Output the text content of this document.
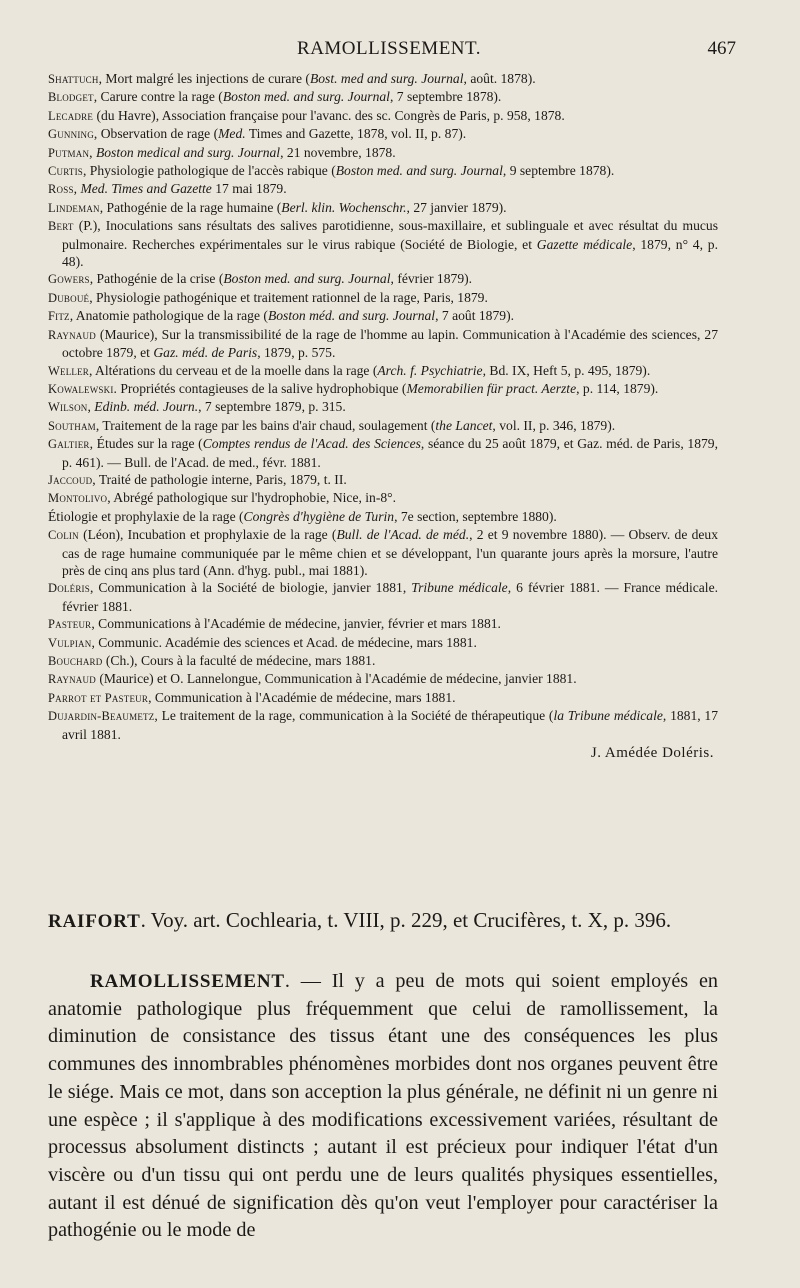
RAMOLLISSEMENT.	467

Shattuch, Mort malgré les injections de curare (Bost. med and surg. Journal, août. 1878).

Blodget, Carure contre la rage (Boston med. and surg. Journal, 7 septembre 1878).

Lecadre (du Havre), Association française pour l'avanc. des sc. Congrès de Paris, p. 958, 1878.

Gunning, Observation de rage (Med. Times and Gazette, 1878, vol. II, p. 87).

Putman, Boston medical and surg. Journal, 21 novembre, 1878.

Curtis, Physiologie pathologique de l'accès rabique (Boston med. and surg. Journal, 9 septembre 1878).

Ross, Med. Times and Gazette 17 mai 1879.

Lindeman, Pathogénie de la rage humaine (Berl. klin. Wochenschr., 27 janvier 1879).

Bert (P.), Inoculations sans résultats des salives parotidienne, sous-maxillaire, et sublinguale et avec résultat du mucus pulmonaire. Recherches expérimentales sur le virus rabique (Société de Biologie, et Gazette médicale, 1879, n° 4, p. 48).

Gowers, Pathogénie de la crise (Boston med. and surg. Journal, février 1879).

Duboué, Physiologie pathogénique et traitement rationnel de la rage, Paris, 1879.

Fitz, Anatomie pathologique de la rage (Boston méd. and surg. Journal, 7 août 1879).

Raynaud (Maurice), Sur la transmissibilité de la rage de l'homme au lapin. Communication à l'Académie des sciences, 27 octobre 1879, et Gaz. méd. de Paris, 1879, p. 575.

Weller, Altérations du cerveau et de la moelle dans la rage (Arch. f. Psychiatrie, Bd. IX, Heft 5, p. 495, 1879).

Kowalewski. Propriétés contagieuses de la salive hydrophobique (Memorabilien für pract. Aerzte, p. 114, 1879).

Wilson, Edinb. méd. Journ., 7 septembre 1879, p. 315.

Southam, Traitement de la rage par les bains d'air chaud, soulagement (the Lancet, vol. II, p. 346, 1879).

Galtier, Études sur la rage (Comptes rendus de l'Acad. des Sciences, séance du 25 août 1879, et Gaz. méd. de Paris, 1879, p. 461). — Bull. de l'Acad. de med., févr. 1881.

Jaccoud, Traité de pathologie interne, Paris, 1879, t. II.

Montolivo, Abrégé pathologique sur l'hydrophobie, Nice, in-8°.

Étiologie et prophylaxie de la rage (Congrès d'hygiène de Turin, 7e section, septembre 1880).

Colin (Léon), Incubation et prophylaxie de la rage (Bull. de l'Acad. de méd., 2 et 9 novembre 1880). — Observ. de deux cas de rage humaine communiquée par le même chien et se développant, l'un quarante jours après la morsure, l'autre près de cinq ans plus tard (Ann. d'hyg. publ., mai 1881).

Doléris, Communication à la Société de biologie, janvier 1881, Tribune médicale, 6 février 1881. — France médicale. février 1881.

Pasteur, Communications à l'Académie de médecine, janvier, février et mars 1881.

Vulpian, Communic. Académie des sciences et Acad. de médecine, mars 1881.

Bouchard (Ch.), Cours à la faculté de médecine, mars 1881.

Raynaud (Maurice) et O. Lannelongue, Communication à l'Académie de médecine, janvier 1881.

Parrot et Pasteur, Communication à l'Académie de médecine, mars 1881.

Dujardin-Beaumetz, Le traitement de la rage, communication à la Société de thérapeutique (la Tribune médicale, 1881, 17 avril 1881.

J. Amédée Doléris.
RAIFORT. Voy. art. Cochlearia, t. VIII, p. 229, et Crucifères, t. X, p. 396.

RAMOLLISSEMENT. — Il y a peu de mots qui soient employés en anatomie pathologique plus fréquemment que celui de ramollissement, la diminution de consistance des tissus étant une des conséquences les plus communes des innombrables phénomènes morbides dont nos organes peuvent être le siége. Mais ce mot, dans son acception la plus générale, ne définit ni un genre ni une espèce ; il s'applique à des modifications excessivement variées, résultant de processus absolument distincts ; autant il est précieux pour indiquer l'état d'un viscère ou d'un tissu qui ont perdu une de leurs qualités physiques essentielles, autant il est dénué de signification dès qu'on veut l'employer pour caractériser la pathogénie ou le mode de
